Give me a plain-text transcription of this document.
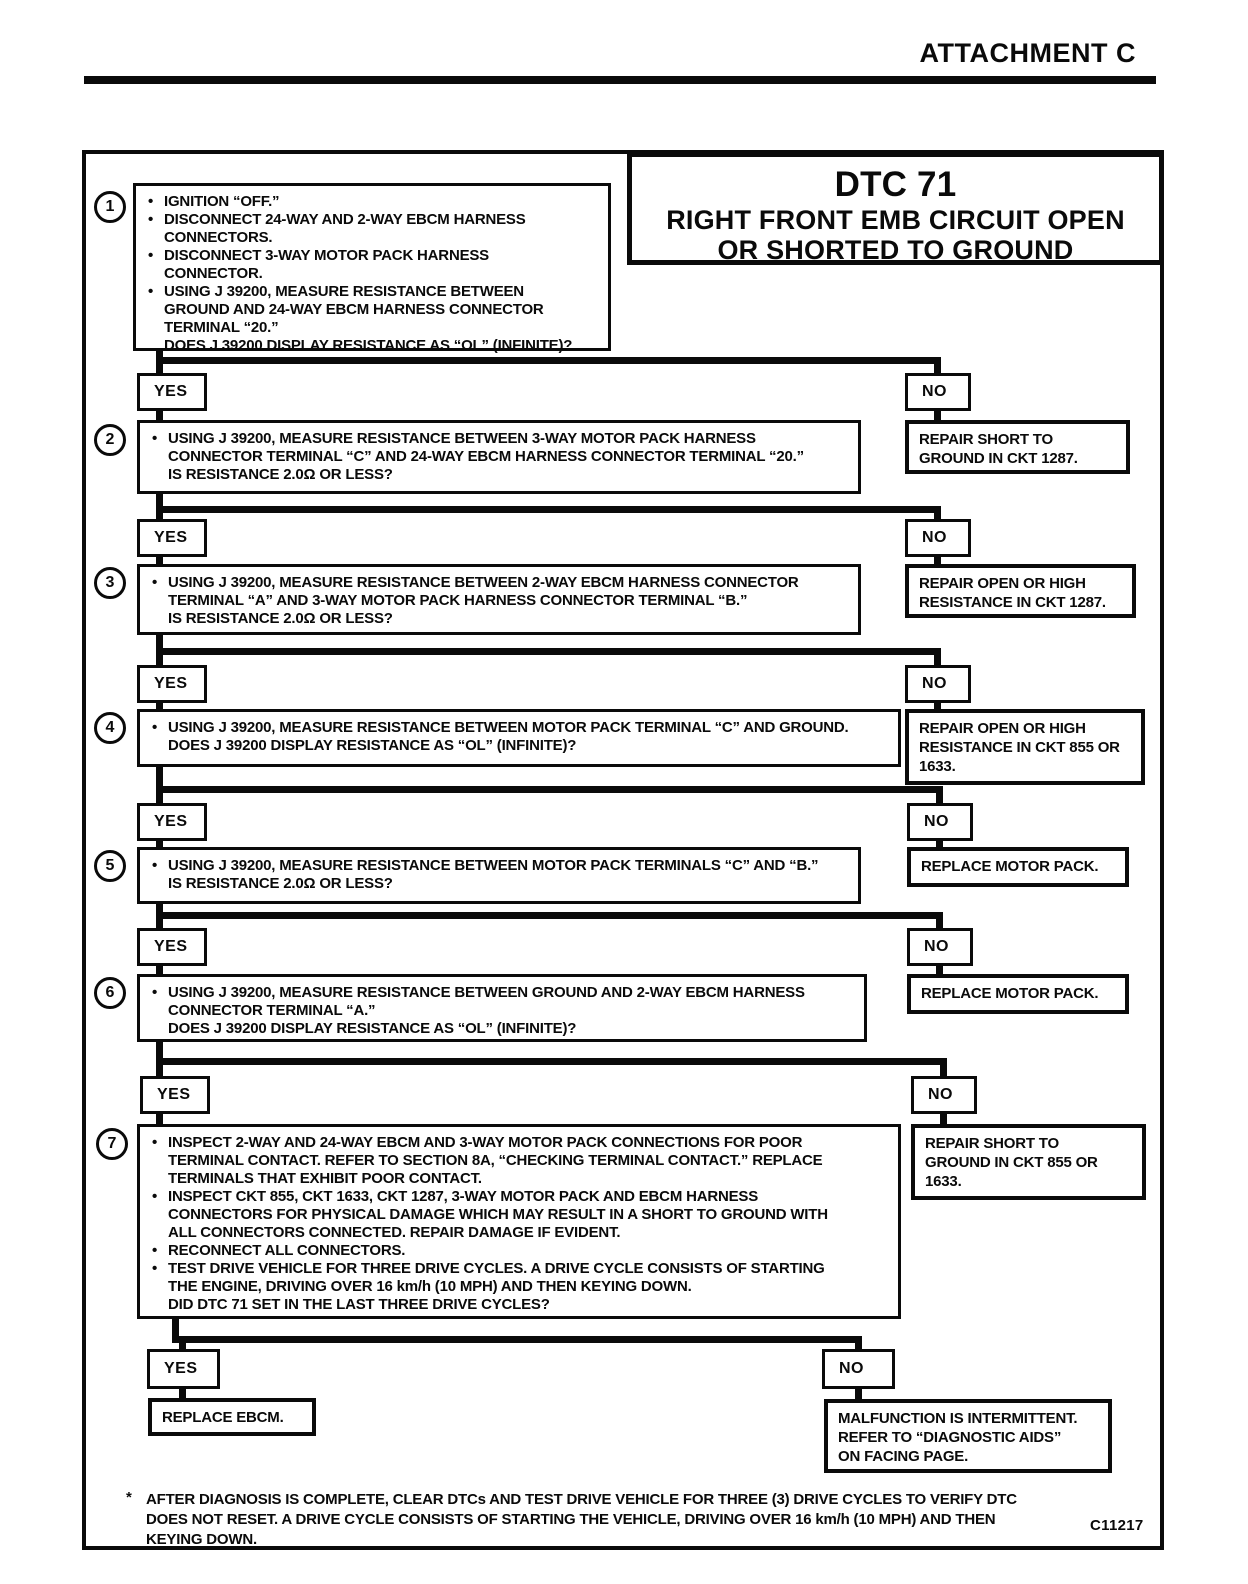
ATTACHMENT C
DTC 71
RIGHT FRONT EMB CIRCUIT OPEN
OR SHORTED TO GROUND
1 • IGNITION “OFF.”
• DISCONNECT 24-WAY AND 2-WAY EBCM HARNESS
CONNECTORS.
• DISCONNECT 3-WAY MOTOR PACK HARNESS
CONNECTOR.
• USING J 39200, MEASURE RESISTANCE BETWEEN
GROUND AND 24-WAY EBCM HARNESS CONNECTOR
TERMINAL “20.”
DOES J 39200 DISPLAY RESISTANCE AS “OL” (INFINITE)?
YES	NO
REPAIR SHORT TO
GROUND IN CKT 1287.
2	• USING J 39200, MEASURE RESISTANCE BETWEEN 3-WAY MOTOR PACK HARNESS
CONNECTOR TERMINAL “C” AND 24-WAY EBCM HARNESS CONNECTOR TERMINAL “20.”
IS RESISTANCE 2.0Ω OR LESS?
YES	NO
REPAIR OPEN OR HIGH
RESISTANCE IN CKT 1287.
3	• USING J 39200, MEASURE RESISTANCE BETWEEN 2-WAY EBCM HARNESS CONNECTOR
TERMINAL “A” AND 3-WAY MOTOR PACK HARNESS CONNECTOR TERMINAL “B.”
IS RESISTANCE 2.0Ω OR LESS?
YES	NO
REPAIR OPEN OR HIGH
RESISTANCE IN CKT 855 OR
1633.
4	• USING J 39200, MEASURE RESISTANCE BETWEEN MOTOR PACK TERMINAL “C” AND GROUND.
DOES J 39200 DISPLAY RESISTANCE AS “OL” (INFINITE)?
YES	NO
REPLACE MOTOR PACK.
5	• USING J 39200, MEASURE RESISTANCE BETWEEN MOTOR PACK TERMINALS “C” AND “B.”
IS RESISTANCE 2.0Ω OR LESS?
YES	NO
REPLACE MOTOR PACK.
6	• USING J 39200, MEASURE RESISTANCE BETWEEN GROUND AND 2-WAY EBCM HARNESS
CONNECTOR TERMINAL “A.”
DOES J 39200 DISPLAY RESISTANCE AS “OL” (INFINITE)?
YES	NO
REPAIR SHORT TO
GROUND IN CKT 855 OR
1633.
7 • INSPECT 2-WAY AND 24-WAY EBCM AND 3-WAY MOTOR PACK CONNECTIONS FOR POOR
TERMINAL CONTACT. REFER TO SECTION 8A, “CHECKING TERMINAL CONTACT.” REPLACE
TERMINALS THAT EXHIBIT POOR CONTACT.
• INSPECT CKT 855, CKT 1633, CKT 1287, 3-WAY MOTOR PACK AND EBCM HARNESS
CONNECTORS FOR PHYSICAL DAMAGE WHICH MAY RESULT IN A SHORT TO GROUND WITH
ALL CONNECTORS CONNECTED. REPAIR DAMAGE IF EVIDENT.
• RECONNECT ALL CONNECTORS.
• TEST DRIVE VEHICLE FOR THREE DRIVE CYCLES. A DRIVE CYCLE CONSISTS OF STARTING
THE ENGINE, DRIVING OVER 16 km/h (10 MPH) AND THEN KEYING DOWN.
DID DTC 71 SET IN THE LAST THREE DRIVE CYCLES?
YES	NO
REPLACE EBCM.	MALFUNCTION IS INTERMITTENT.
REFER TO “DIAGNOSTIC AIDS”
ON FACING PAGE.
* AFTER DIAGNOSIS IS COMPLETE, CLEAR DTCs AND TEST DRIVE VEHICLE FOR THREE (3) DRIVE CYCLES TO VERIFY DTC
DOES NOT RESET. A DRIVE CYCLE CONSISTS OF STARTING THE VEHICLE, DRIVING OVER 16 km/h (10 MPH) AND THEN
KEYING DOWN.
C11217
